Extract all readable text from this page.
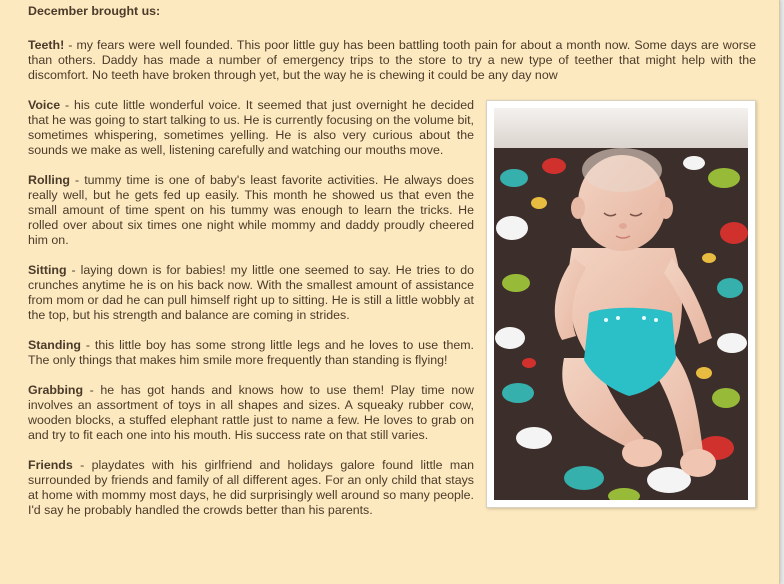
December brought us:

Teeth! - my fears were well founded. This poor little guy has been battling tooth pain for about a month now. Some days are worse than others. Daddy has made a number of emergency trips to the store to try a new type of teether that might help with the discomfort. No teeth have broken through yet, but the way he is chewing it could be any day now

Voice - his cute little wonderful voice. It seemed that just overnight he decided that he was going to start talking to us. He is currently focusing on the volume bit, sometimes whispering, sometimes yelling. He is also very curious about the sounds we make as well, listening carefully and watching our mouths move.

Rolling - tummy time is one of baby's least favorite activities. He always does really well, but he gets fed up easily. This month he showed us that even the small amount of time spent on his tummy was enough to learn the tricks. He rolled over about six times one night while mommy and daddy proudly cheered him on.

Sitting - laying down is for babies! my little one seemed to say. He tries to do crunches anytime he is on his back now. With the smallest amount of assistance from mom or dad he can pull himself right up to sitting. He is still a little wobbly at the top, but his strength and balance are coming in strides.

Standing - this little boy has some strong little legs and he loves to use them. The only things that makes him smile more frequently than standing is flying!

Grabbing - he has got hands and knows how to use them! Play time now involves an assortment of toys in all shapes and sizes. A squeaky rubber cow, wooden blocks, a stuffed elephant rattle just to name a few. He loves to grab on and try to fit each one into his mouth. His success rate on that still varies.

Friends - playdates with his girlfriend and holidays galore found little man surrounded by friends and family of all different ages. For an only child that stays at home with mommy most days, he did surprisingly well around so many people. I'd say he probably handled the crowds better than his parents.
